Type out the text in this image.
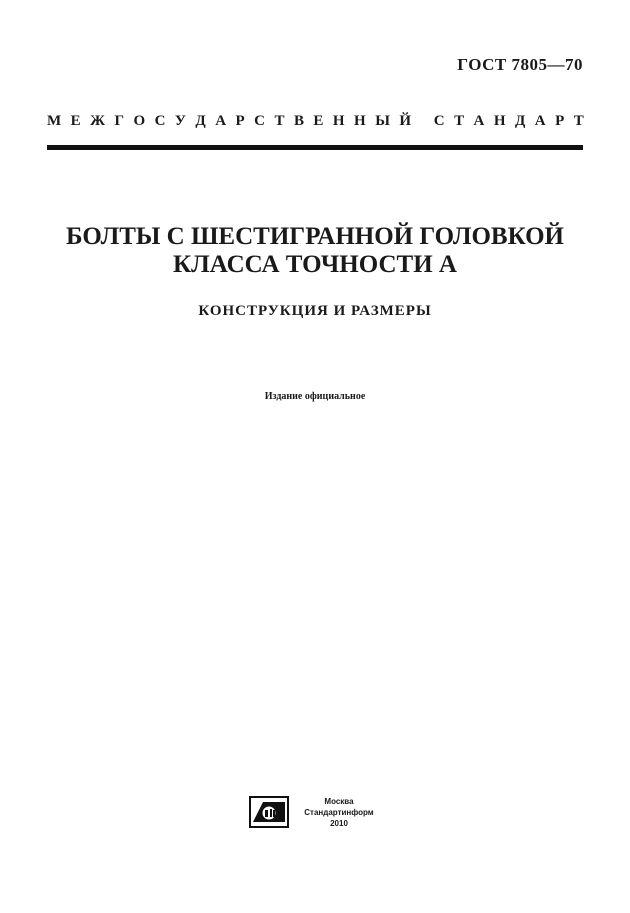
ГОСТ 7805—70
М Е Ж Г О С У Д А Р С Т В Е Н Н Ы Й
С Т А Н Д А Р Т
БОЛТЫ С ШЕСТИГРАННОЙ ГОЛОВКОЙ
КЛАССА ТОЧНОСТИ А
КОНСТРУКЦИЯ И РАЗМЕРЫ
Издание официальное
Москва
Стандартинформ
2010
